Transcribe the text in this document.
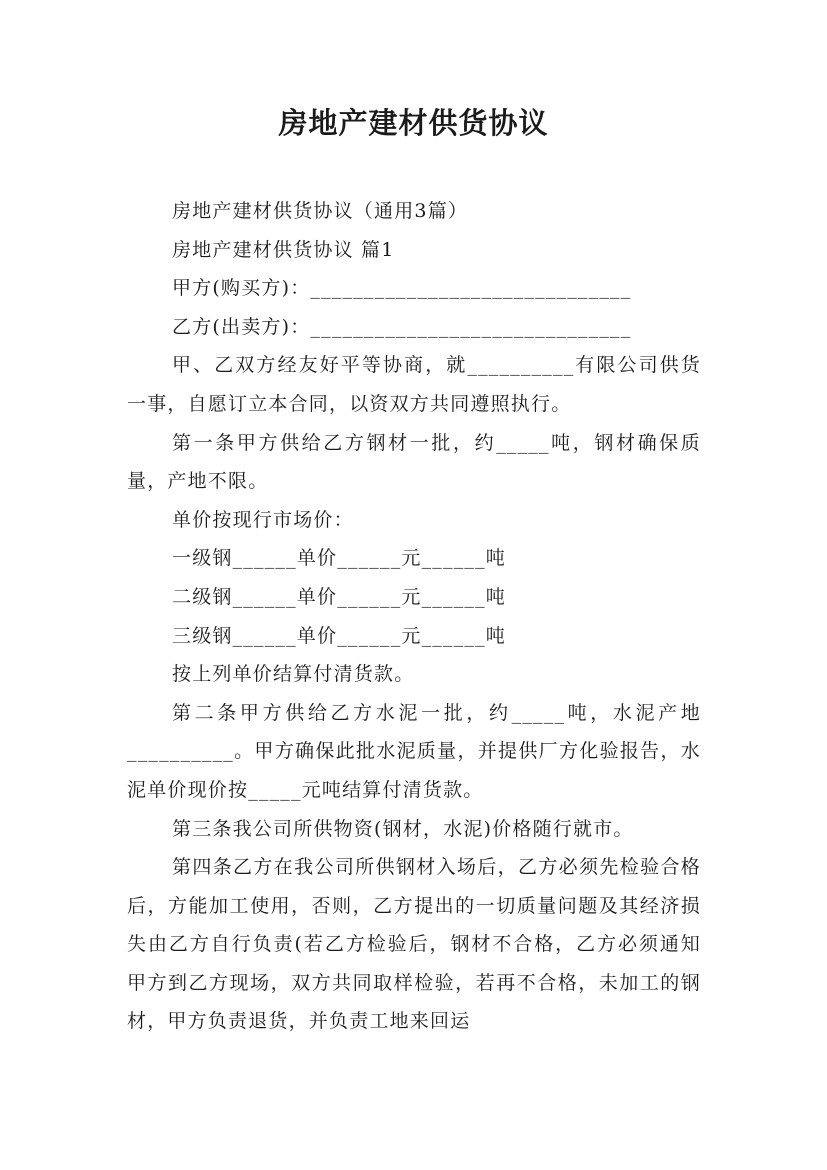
房地产建材供货协议

房地产建材供货协议（通用3篇）

房地产建材供货协议 篇1

甲方(购买方)：______________________________

乙方(出卖方)：______________________________

甲、乙双方经友好平等协商，就__________有限公司供货一事，自愿订立本合同，以资双方共同遵照执行。

第一条甲方供给乙方钢材一批，约_____吨，钢材确保质量，产地不限。

单价按现行市场价：

一级钢______单价______元______吨

二级钢______单价______元______吨

三级钢______单价______元______吨

按上列单价结算付清货款。

第二条甲方供给乙方水泥一批，约_____吨，水泥产地__________。甲方确保此批水泥质量，并提供厂方化验报告，水泥单价现价按_____元吨结算付清货款。

第三条我公司所供物资(钢材，水泥)价格随行就市。

第四条乙方在我公司所供钢材入场后，乙方必须先检验合格后，方能加工使用，否则，乙方提出的一切质量问题及其经济损失由乙方自行负责(若乙方检验后，钢材不合格，乙方必须通知甲方到乙方现场，双方共同取样检验，若再不合格，未加工的钢材，甲方负责退货，并负责工地来回运
